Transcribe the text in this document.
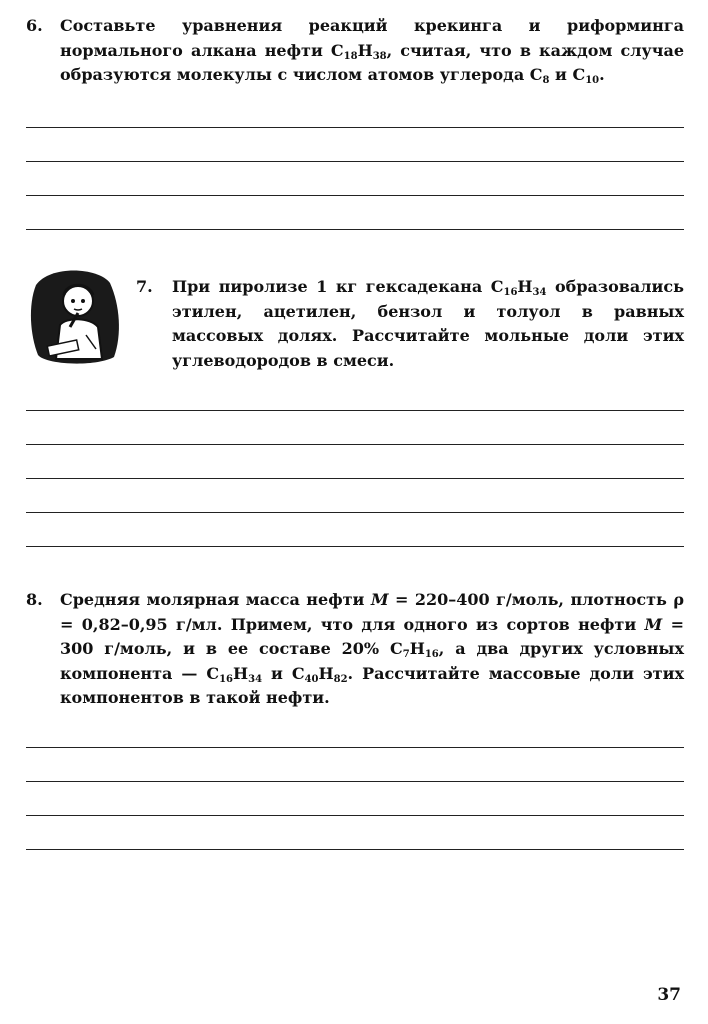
6. Составьте уравнения реакций крекинга и риформинга нормального алкана нефти $C_{18}H_{38}$, считая, что в каждом случае образуются молекулы с числом атомов углерода $C_8$ и $C_{10}$.
7. При пиролизе 1 кг гексадекана $C_{16}H_{34}$ образовались этилен, ацетилен, бензол и толуол в равных массовых долях. Рассчитайте мольные доли этих углеводородов в смеси.
8. Средняя молярная масса нефти M = 220–400 г/моль, плотность ρ = 0,82–0,95 г/мл. Примем, что для одного из сортов нефти M = 300 г/моль, и в ее составе 20% $C_7H_{16}$, а два других условных компонента — $C_{16}H_{34}$ и $C_{40}H_{82}$. Рассчитайте массовые доли этих компонентов в такой нефти.
37
